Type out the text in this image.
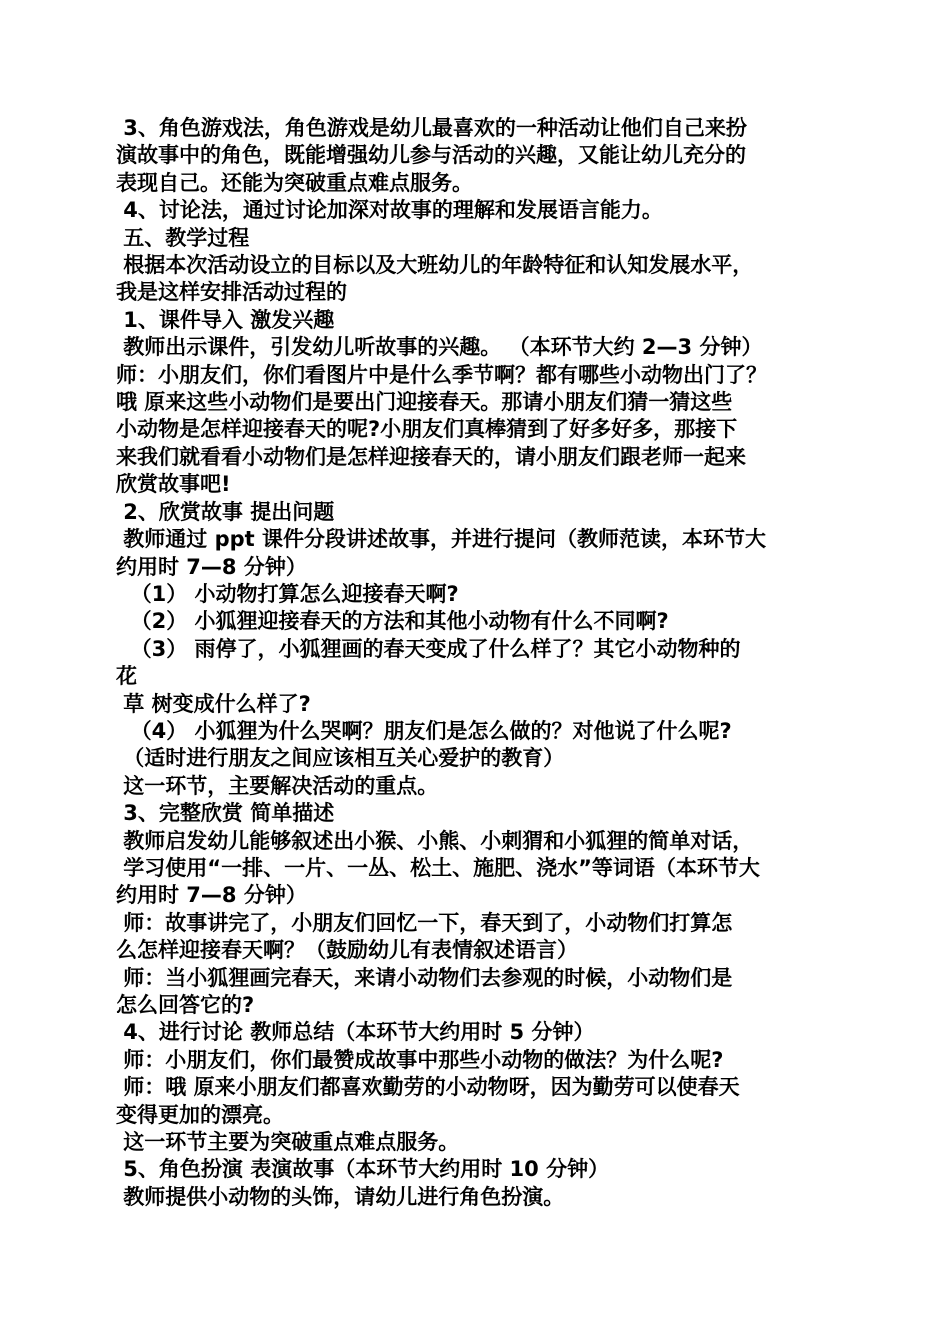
3、角色游戏法，角色游戏是幼儿最喜欢的一种活动让他们自己来扮
演故事中的角色，既能增强幼儿参与活动的兴趣，又能让幼儿充分的
表现自己。还能为突破重点难点服务。
4、讨论法，通过讨论加深对故事的理解和发展语言能力。
五、教学过程
根据本次活动设立的目标以及大班幼儿的年龄特征和认知发展水平，
我是这样安排活动过程的
1、课件导入 激发兴趣
教师出示课件，引发幼儿听故事的兴趣。 （本环节大约 2—3 分钟）
师：小朋友们，你们看图片中是什么季节啊？都有哪些小动物出门了？
哦 原来这些小动物们是要出门迎接春天。那请小朋友们猜一猜这些
小动物是怎样迎接春天的呢?小朋友们真棒猜到了好多好多，那接下
来我们就看看小动物们是怎样迎接春天的，请小朋友们跟老师一起来
欣赏故事吧!
2、欣赏故事 提出问题
教师通过 ppt 课件分段讲述故事，并进行提问（教师范读，本环节大
约用时 7—8 分钟）
（1） 小动物打算怎么迎接春天啊?
（2） 小狐狸迎接春天的方法和其他小动物有什么不同啊?
（3） 雨停了，小狐狸画的春天变成了什么样了？其它小动物种的
花
草 树变成什么样了?
（4） 小狐狸为什么哭啊？朋友们是怎么做的？对他说了什么呢?
（适时进行朋友之间应该相互关心爱护的教育）
这一环节，主要解决活动的重点。
3、完整欣赏 简单描述
教师启发幼儿能够叙述出小猴、小熊、小刺猬和小狐狸的简单对话，
学习使用“一排、一片、一丛、松土、施肥、浇水”等词语（本环节大
约用时 7—8 分钟）
师：故事讲完了，小朋友们回忆一下，春天到了，小动物们打算怎
么怎样迎接春天啊？（鼓励幼儿有表情叙述语言）
师：当小狐狸画完春天，来请小动物们去参观的时候，小动物们是
怎么回答它的?
4、进行讨论 教师总结（本环节大约用时 5 分钟）
师：小朋友们，你们最赞成故事中那些小动物的做法？为什么呢?
师：哦 原来小朋友们都喜欢勤劳的小动物呀，因为勤劳可以使春天
变得更加的漂亮。
这一环节主要为突破重点难点服务。
5、角色扮演 表演故事（本环节大约用时 10 分钟）
教师提供小动物的头饰，请幼儿进行角色扮演。
